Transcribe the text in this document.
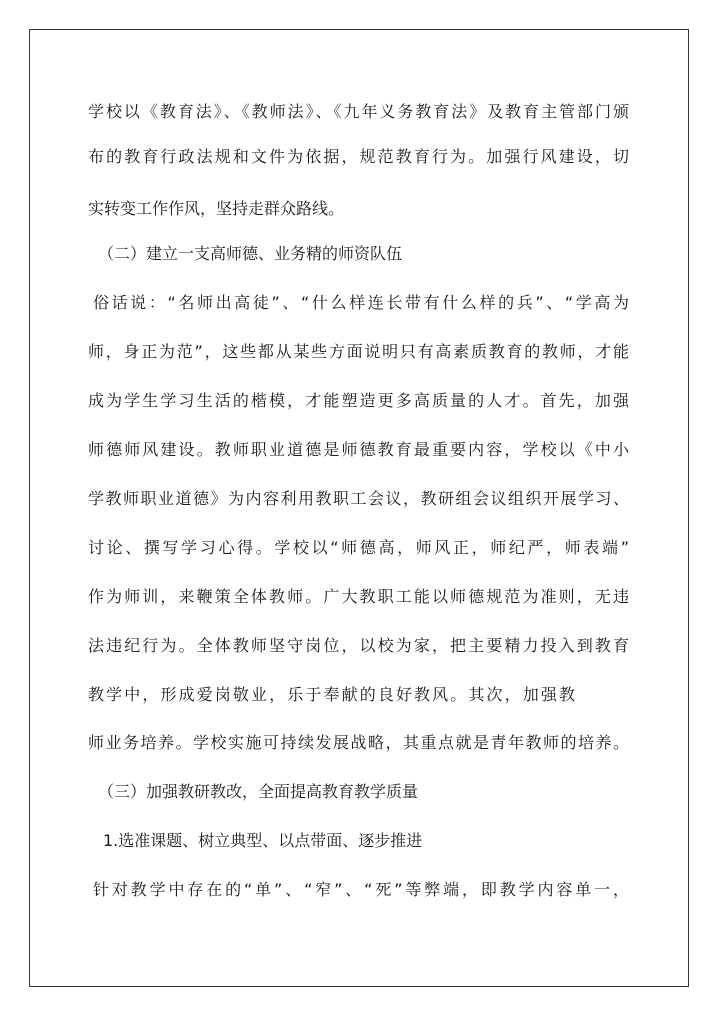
学校以《教育法》、《教师法》、《九年义务教育法》及教育主管部门颁
布的教育行政法规和文件为依据，规范教育行为。加强行风建设，切
实转变工作作风，坚持走群众路线。
（二）建立一支高师德、业务精的师资队伍
俗话说：“名师出高徒”、“什么样连长带有什么样的兵”、“学高为
师，身正为范”，这些都从某些方面说明只有高素质教育的教师，才能
成为学生学习生活的楷模，才能塑造更多高质量的人才。首先，加强
师德师风建设。教师职业道德是师德教育最重要内容，学校以《中小
学教师职业道德》为内容利用教职工会议，教研组会议组织开展学习、
讨论、撰写学习心得。学校以“师德高，师风正，师纪严，师表端”
作为师训，来鞭策全体教师。广大教职工能以师德规范为准则，无违
法违纪行为。全体教师坚守岗位，以校为家，把主要精力投入到教育
教学中，形成爱岗敬业，乐于奉献的良好教风。其次，加强教
师业务培养。学校实施可持续发展战略，其重点就是青年教师的培养。
（三）加强教研教改，全面提高教育教学质量
1.选准课题、树立典型、以点带面、逐步推进
针对教学中存在的“单”、“窄”、“死”等弊端，即教学内容单一，
